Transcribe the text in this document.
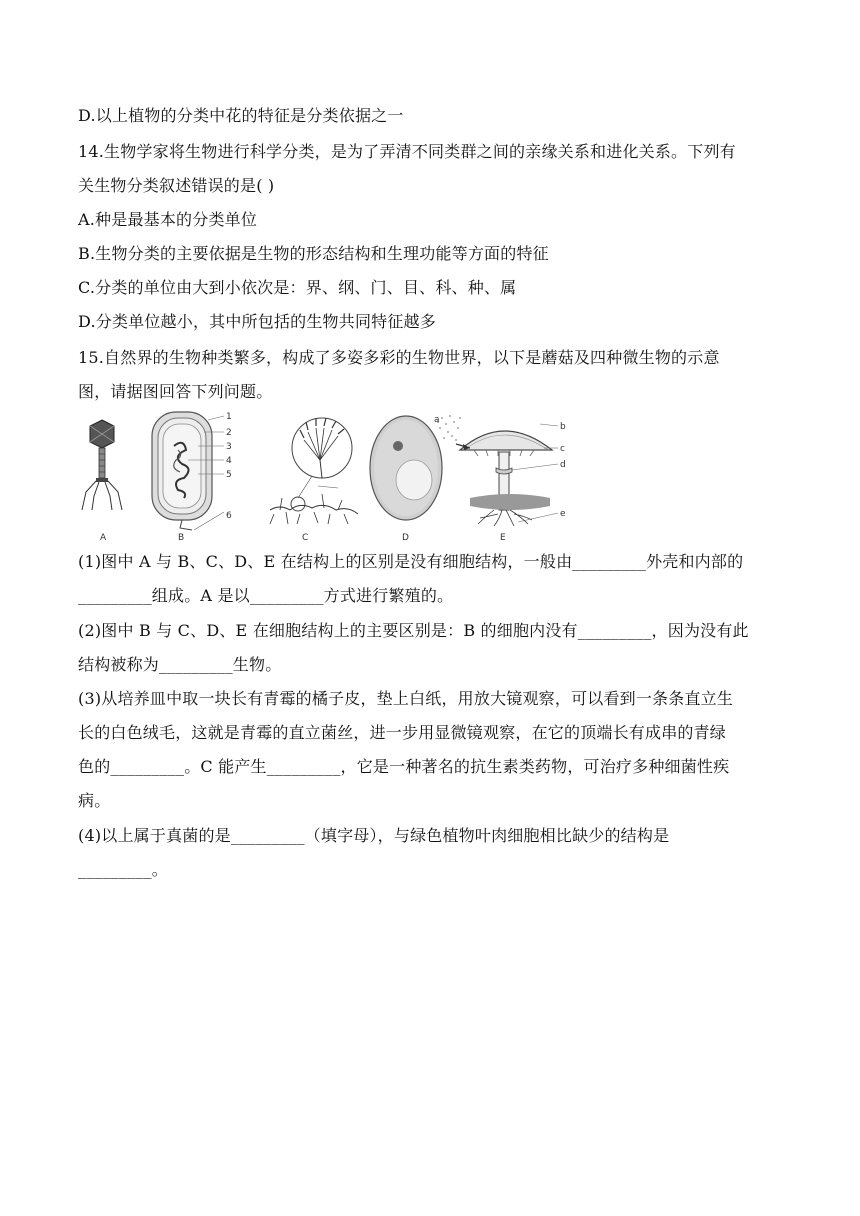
D.以上植物的分类中花的特征是分类依据之一
14.生物学家将生物进行科学分类，是为了弄清不同类群之间的亲缘关系和进化关系。下列有
关生物分类叙述错误的是( )
A.种是最基本的分类单位
B.生物分类的主要依据是生物的形态结构和生理功能等方面的特征
C.分类的单位由大到小依次是：界、纲、门、目、科、种、属
D.分类单位越小，其中所包括的生物共同特征越多
15.自然界的生物种类繁多，构成了多姿多彩的生物世界，以下是蘑菇及四种微生物的示意
图，请据图回答下列问题。
1
2
3
4
5
6
a
b
c
d
e
A	B	C	D	E
(1)图中 A 与 B、C、D、E 在结构上的区别是没有细胞结构，一般由_________外壳和内部的
_________组成。A 是以_________方式进行繁殖的。
(2)图中 B 与 C、D、E 在细胞结构上的主要区别是：B 的细胞内没有_________，因为没有此
结构被称为_________生物。
(3)从培养皿中取一块长有青霉的橘子皮，垫上白纸，用放大镜观察，可以看到一条条直立生
长的白色绒毛，这就是青霉的直立菌丝，进一步用显微镜观察，在它的顶端长有成串的青绿
色的_________。C 能产生_________，它是一种著名的抗生素类药物，可治疗多种细菌性疾
病。
(4)以上属于真菌的是_________（填字母），与绿色植物叶肉细胞相比缺少的结构是
_________。
